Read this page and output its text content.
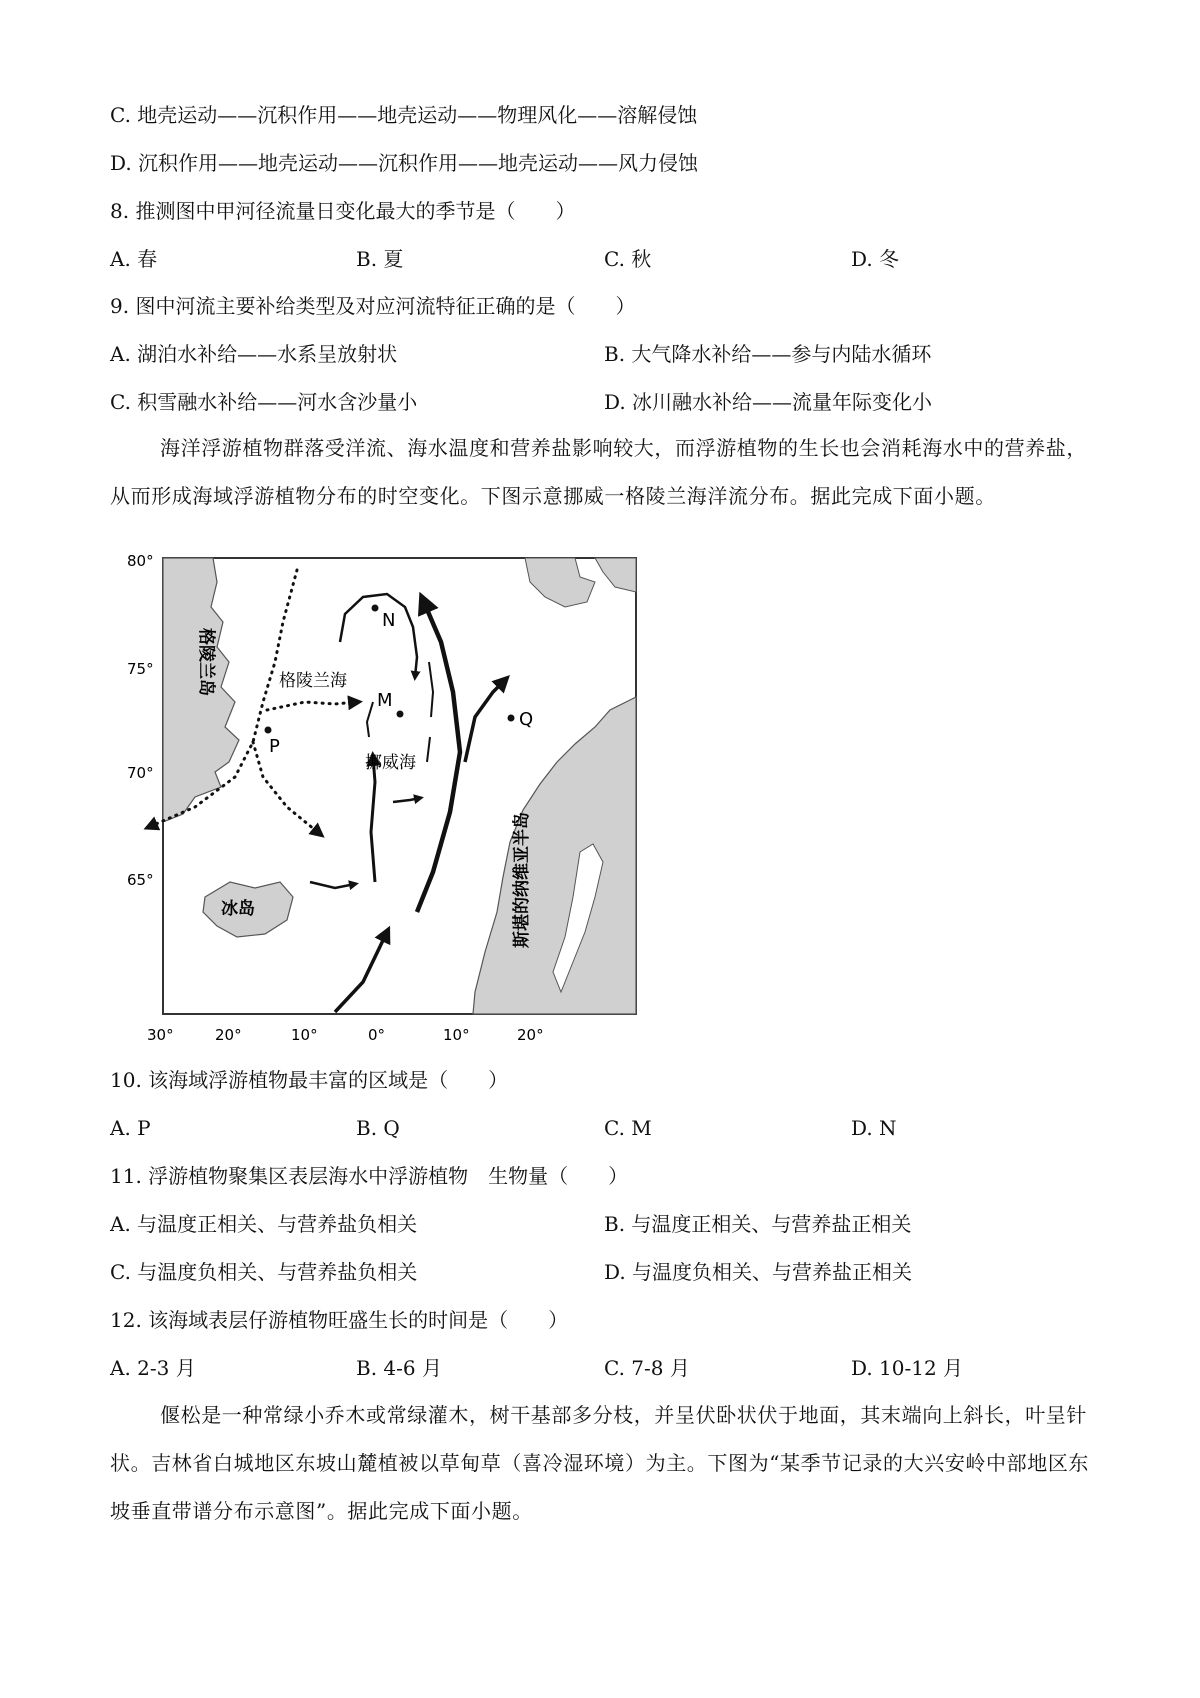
C. 地壳运动——沉积作用——地壳运动——物理风化——溶解侵蚀
D. 沉积作用——地壳运动——沉积作用——地壳运动——风力侵蚀
8. 推测图中甲河径流量日变化最大的季节是（　　）
A. 春	B. 夏	C. 秋	D. 冬
9. 图中河流主要补给类型及对应河流特征正确的是（　　）
A. 湖泊水补给——水系呈放射状	B. 大气降水补给——参与内陆水循环
C. 积雪融水补给——河水含沙量小	D. 冰川融水补给——流量年际变化小
海洋浮游植物群落受洋流、海水温度和营养盐影响较大，而浮游植物的生长也会消耗海水中的营养盐，从而形成海域浮游植物分布的时空变化。下图示意挪威一格陵兰海洋流分布。据此完成下面小题。
80°
75°
70°
65°
30°	20°	10°	0°	10°	20°
N
M
P
Q
格陵兰海
挪威海
冰岛
格陵兰岛
斯堪的纳维亚半岛
10. 该海域浮游植物最丰富的区域是（　　）
A. P	B. Q	C. M	D. N
11. 浮游植物聚集区表层海水中浮游植物　生物量（　　）
A. 与温度正相关、与营养盐负相关	B. 与温度正相关、与营养盐正相关
C. 与温度负相关、与营养盐负相关	D. 与温度负相关、与营养盐正相关
12. 该海域表层仔游植物旺盛生长的时间是（　　）
A. 2-3 月	B. 4-6 月	C. 7-8 月	D. 10-12 月
偃松是一种常绿小乔木或常绿灌木，树干基部多分枝，并呈伏卧状伏于地面，其末端向上斜长，叶呈针状。吉林省白城地区东坡山麓植被以草甸草（喜冷湿环境）为主。下图为“某季节记录的大兴安岭中部地区东坡垂直带谱分布示意图”。据此完成下面小题。
